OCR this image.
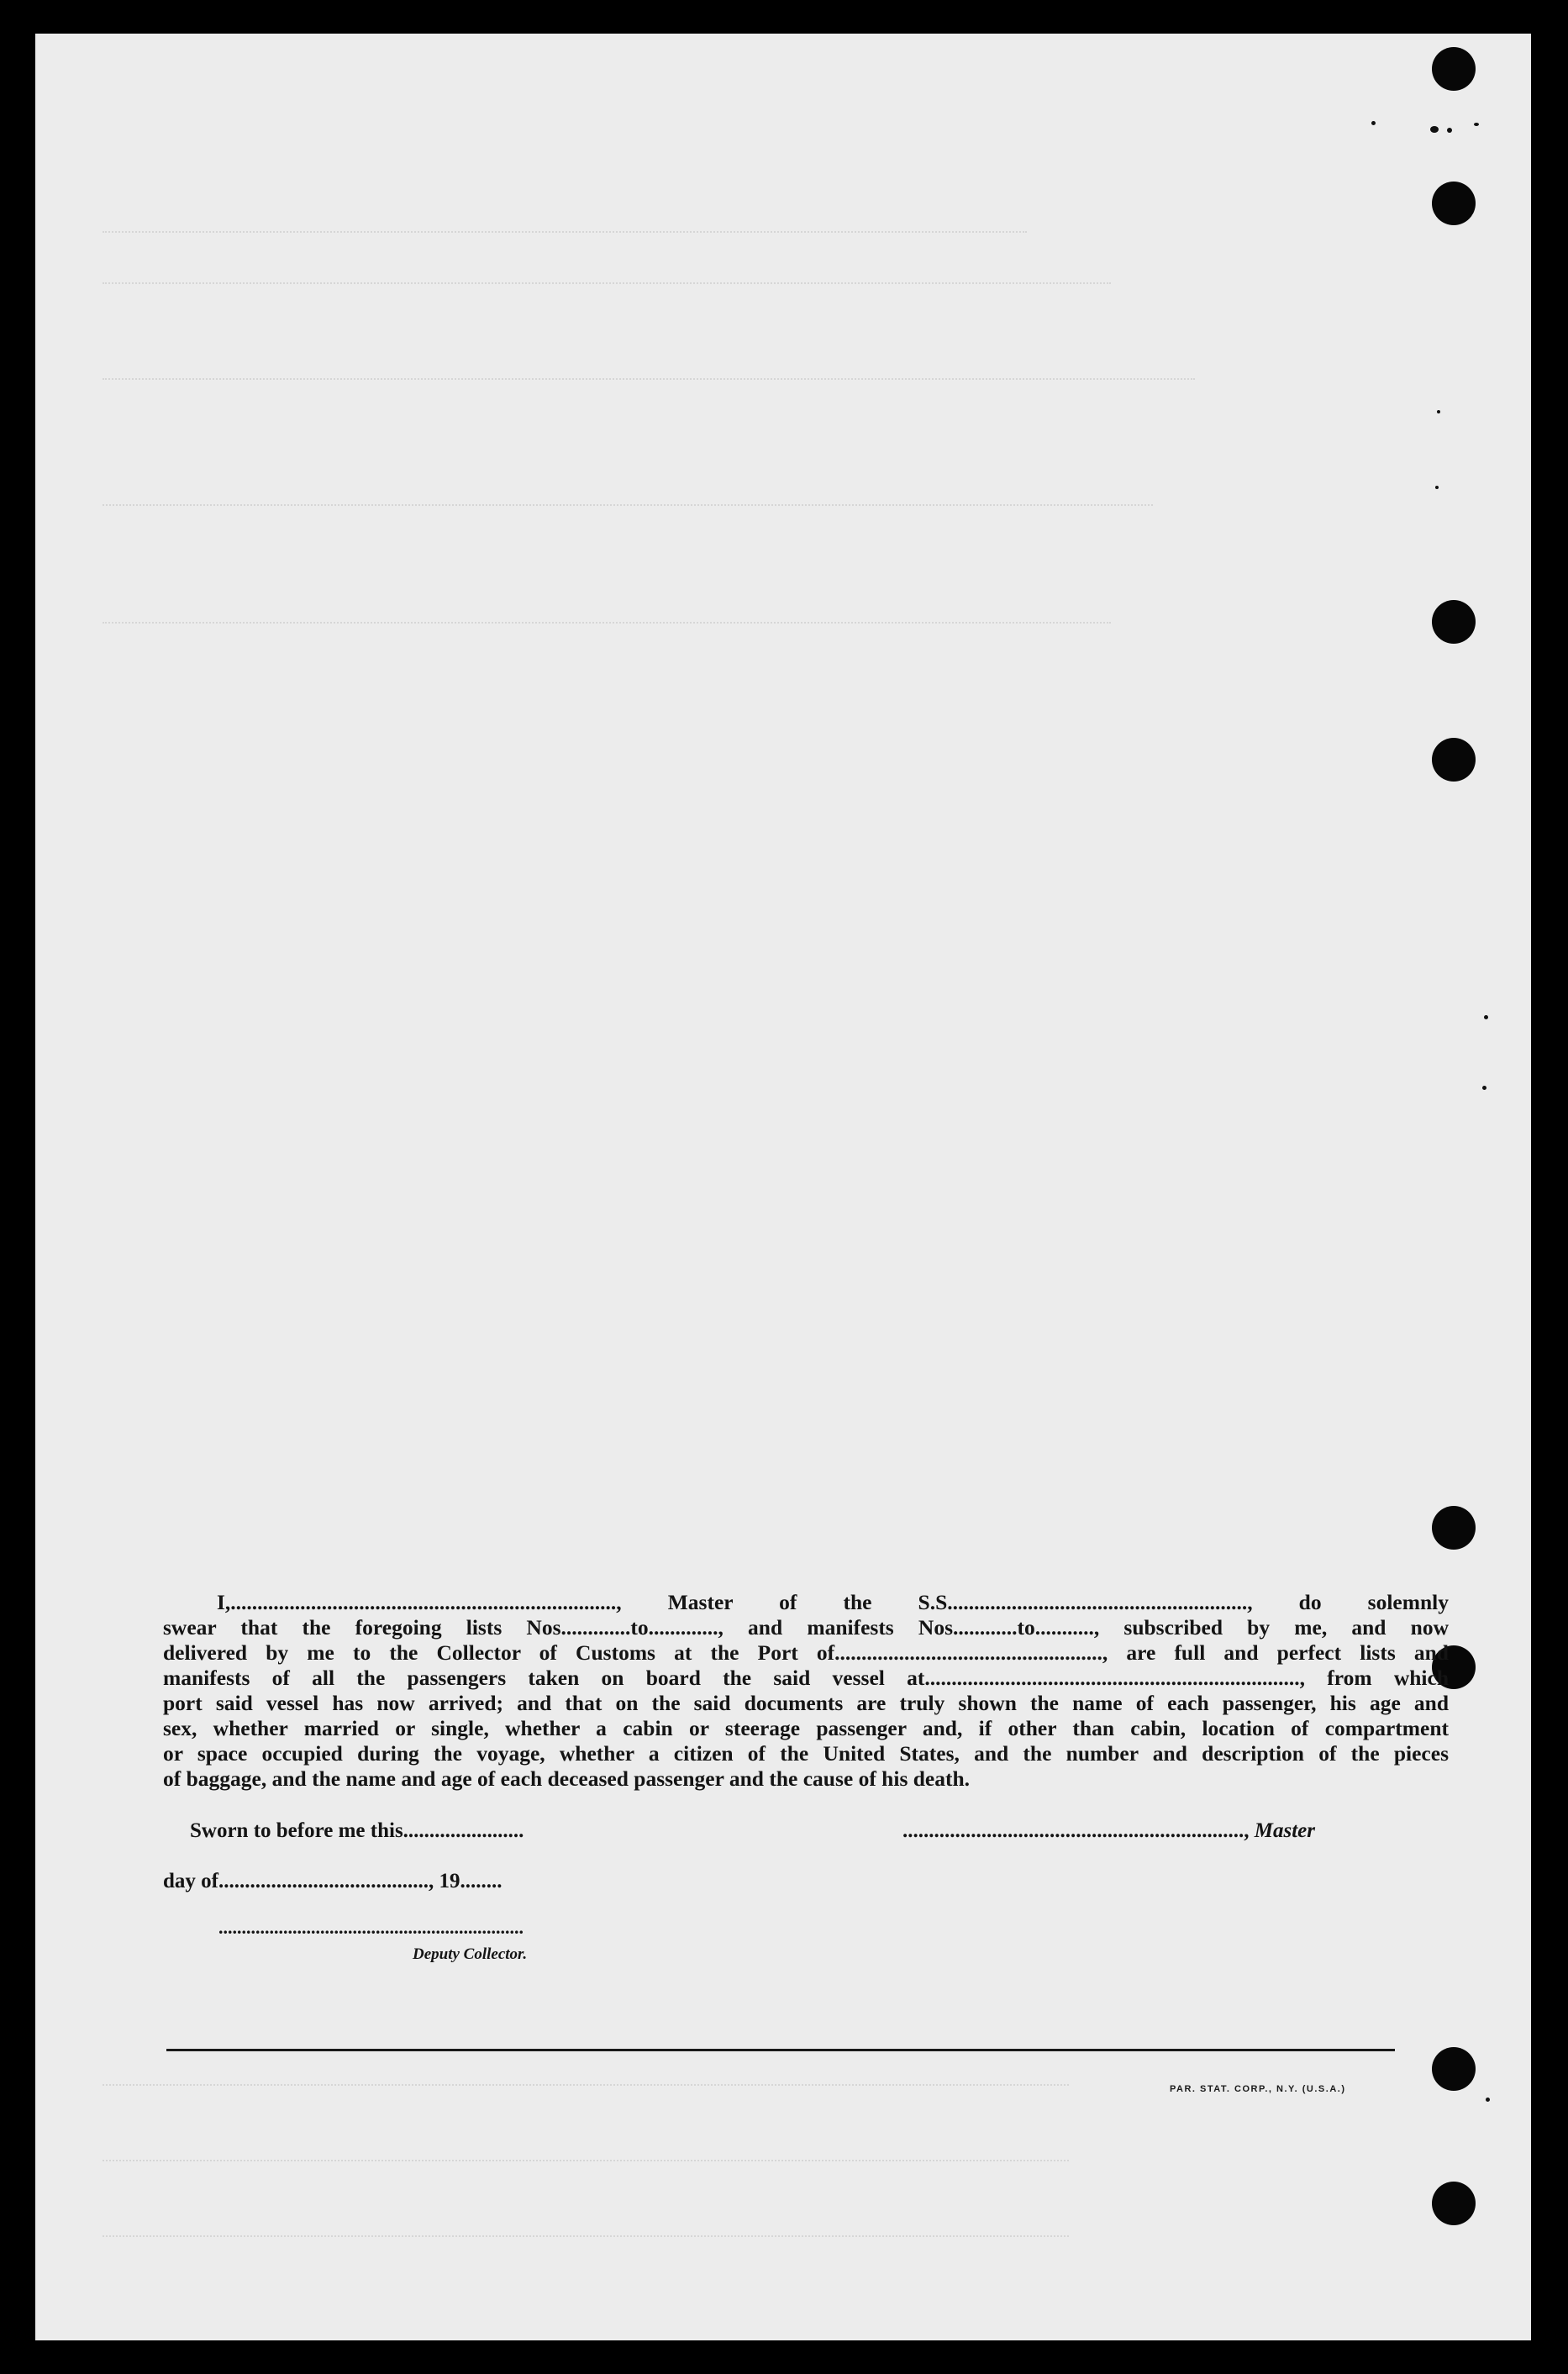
I,........................................................................, Master of the S.S........................................................, do solemnly
swear that the foregoing lists Nos.............to............., and manifests Nos............to..........., subscribed by me, and now
delivered by me to the Collector of Customs at the Port of.................................................., are full and perfect lists and
manifests of all the passengers taken on board the said vessel at......................................................................, from which
port said vessel has now arrived; and that on the said documents are truly shown the name of each passenger, his age and
sex, whether married or single, whether a cabin or steerage passenger and, if other than cabin, location of compartment
or space occupied during the voyage, whether a citizen of the United States, and the number and description of the pieces
of baggage, and the name and age of each deceased passenger and the cause of his death.
Sworn to before me this.......................	................................................................., Master
day of........................................, 19........
..................................................................
Deputy Collector.
PAR. STAT. CORP., N.Y. (U.S.A.)
